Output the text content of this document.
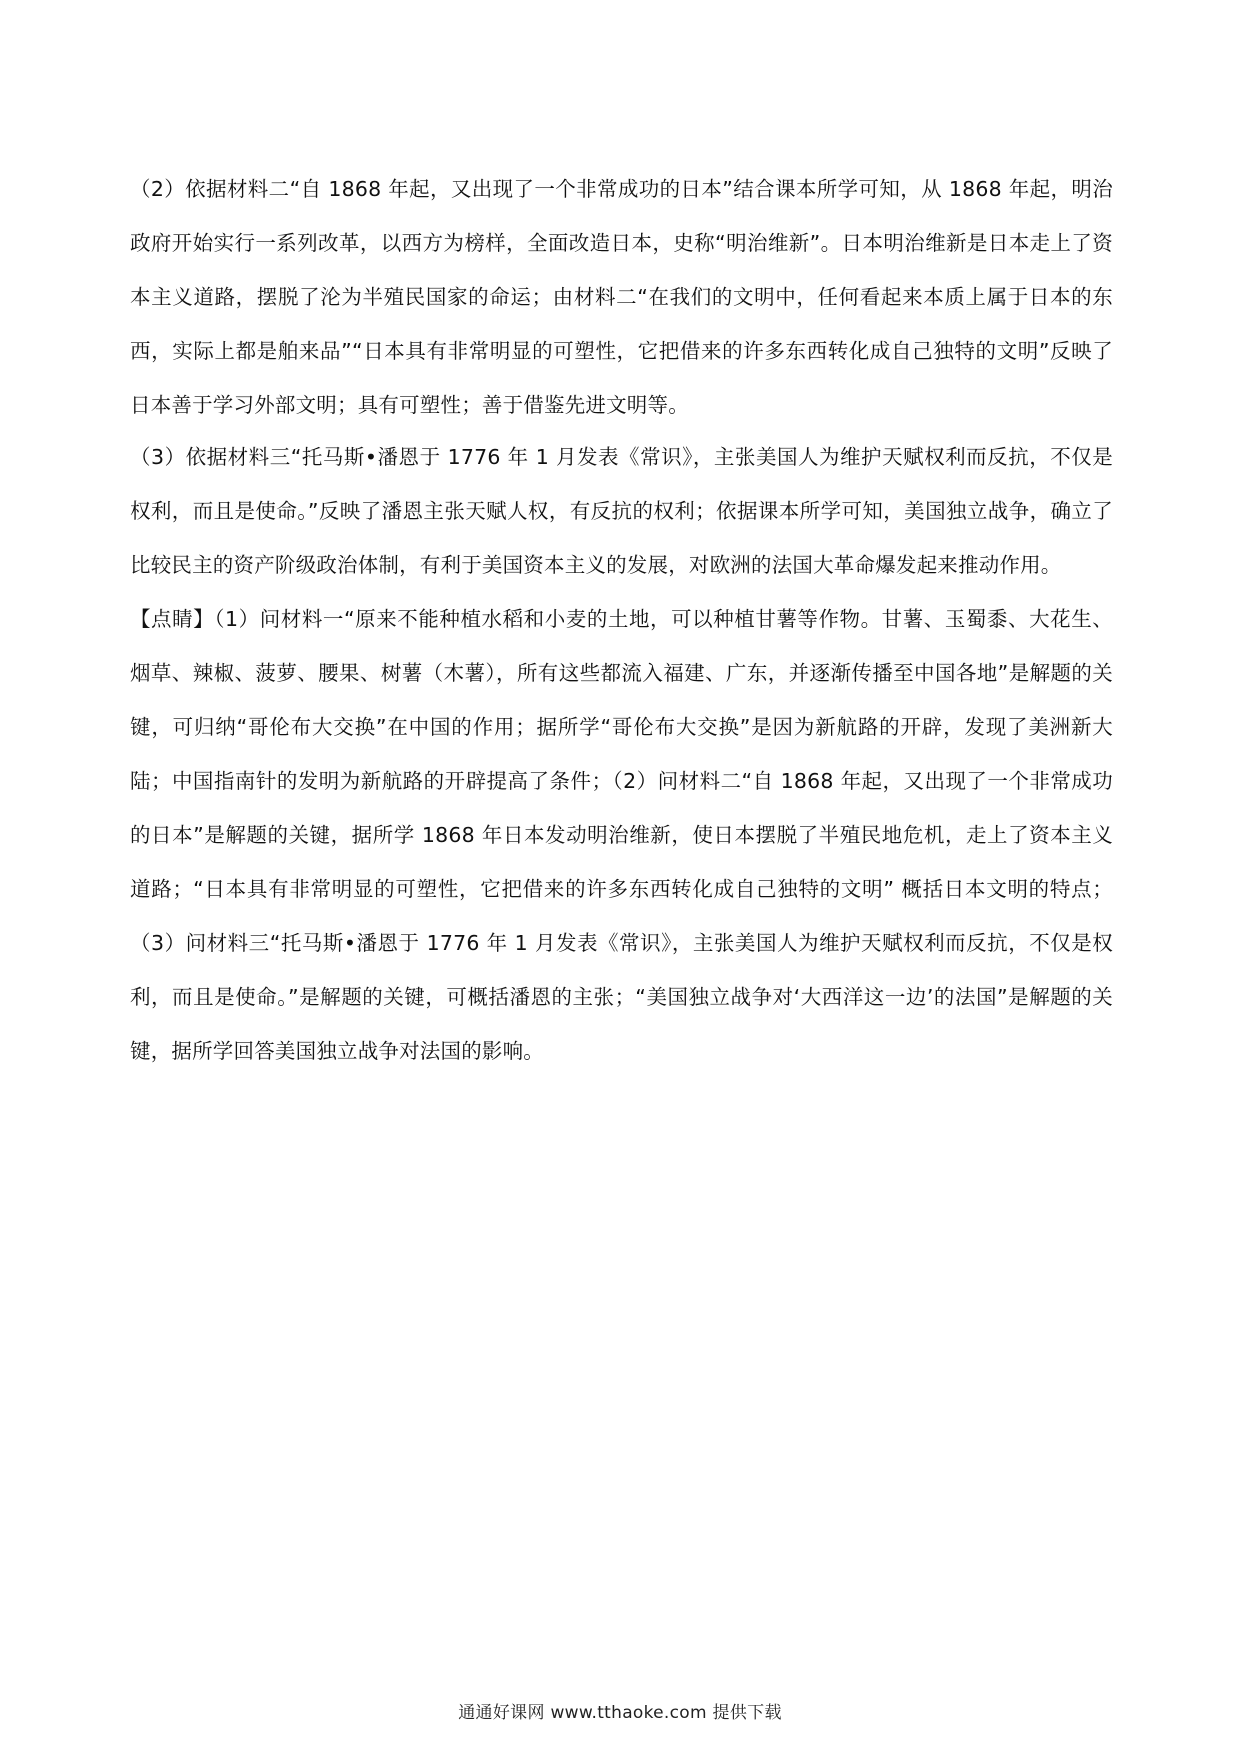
（2）依据材料二“自 1868 年起，又出现了一个非常成功的日本”结合课本所学可知，从 1868 年起，明治政府开始实行一系列改革，以西方为榜样，全面改造日本，史称“明治维新”。日本明治维新是日本走上了资本主义道路，摆脱了沦为半殖民国家的命运；由材料二“在我们的文明中，任何看起来本质上属于日本的东西，实际上都是舶来品”“日本具有非常明显的可塑性，它把借来的许多东西转化成自己独特的文明”反映了日本善于学习外部文明；具有可塑性；善于借鉴先进文明等。

（3）依据材料三“托马斯•潘恩于 1776 年 1 月发表《常识》，主张美国人为维护天赋权利而反抗，不仅是权利，而且是使命。”反映了潘恩主张天赋人权，有反抗的权利；依据课本所学可知，美国独立战争，确立了比较民主的资产阶级政治体制，有利于美国资本主义的发展，对欧洲的法国大革命爆发起来推动作用。

【点睛】（1）问材料一“原来不能种植水稻和小麦的土地，可以种植甘薯等作物。甘薯、玉蜀黍、大花生、烟草、辣椒、菠萝、腰果、树薯（木薯），所有这些都流入福建、广东，并逐渐传播至中国各地”是解题的关键，可归纳“哥伦布大交换”在中国的作用；据所学“哥伦布大交换”是因为新航路的开辟，发现了美洲新大陆；中国指南针的发明为新航路的开辟提高了条件；（2）问材料二“自 1868 年起，又出现了一个非常成功的日本”是解题的关键，据所学 1868 年日本发动明治维新，使日本摆脱了半殖民地危机，走上了资本主义道路；“日本具有非常明显的可塑性，它把借来的许多东西转化成自己独特的文明” 概括日本文明的特点；（3）问材料三“托马斯•潘恩于 1776 年 1 月发表《常识》，主张美国人为维护天赋权利而反抗，不仅是权利，而且是使命。”是解题的关键，可概括潘恩的主张；“美国独立战争对‘大西洋这一边’的法国”是解题的关键，据所学回答美国独立战争对法国的影响。

通通好课网 www.tthaoke.com 提供下载
